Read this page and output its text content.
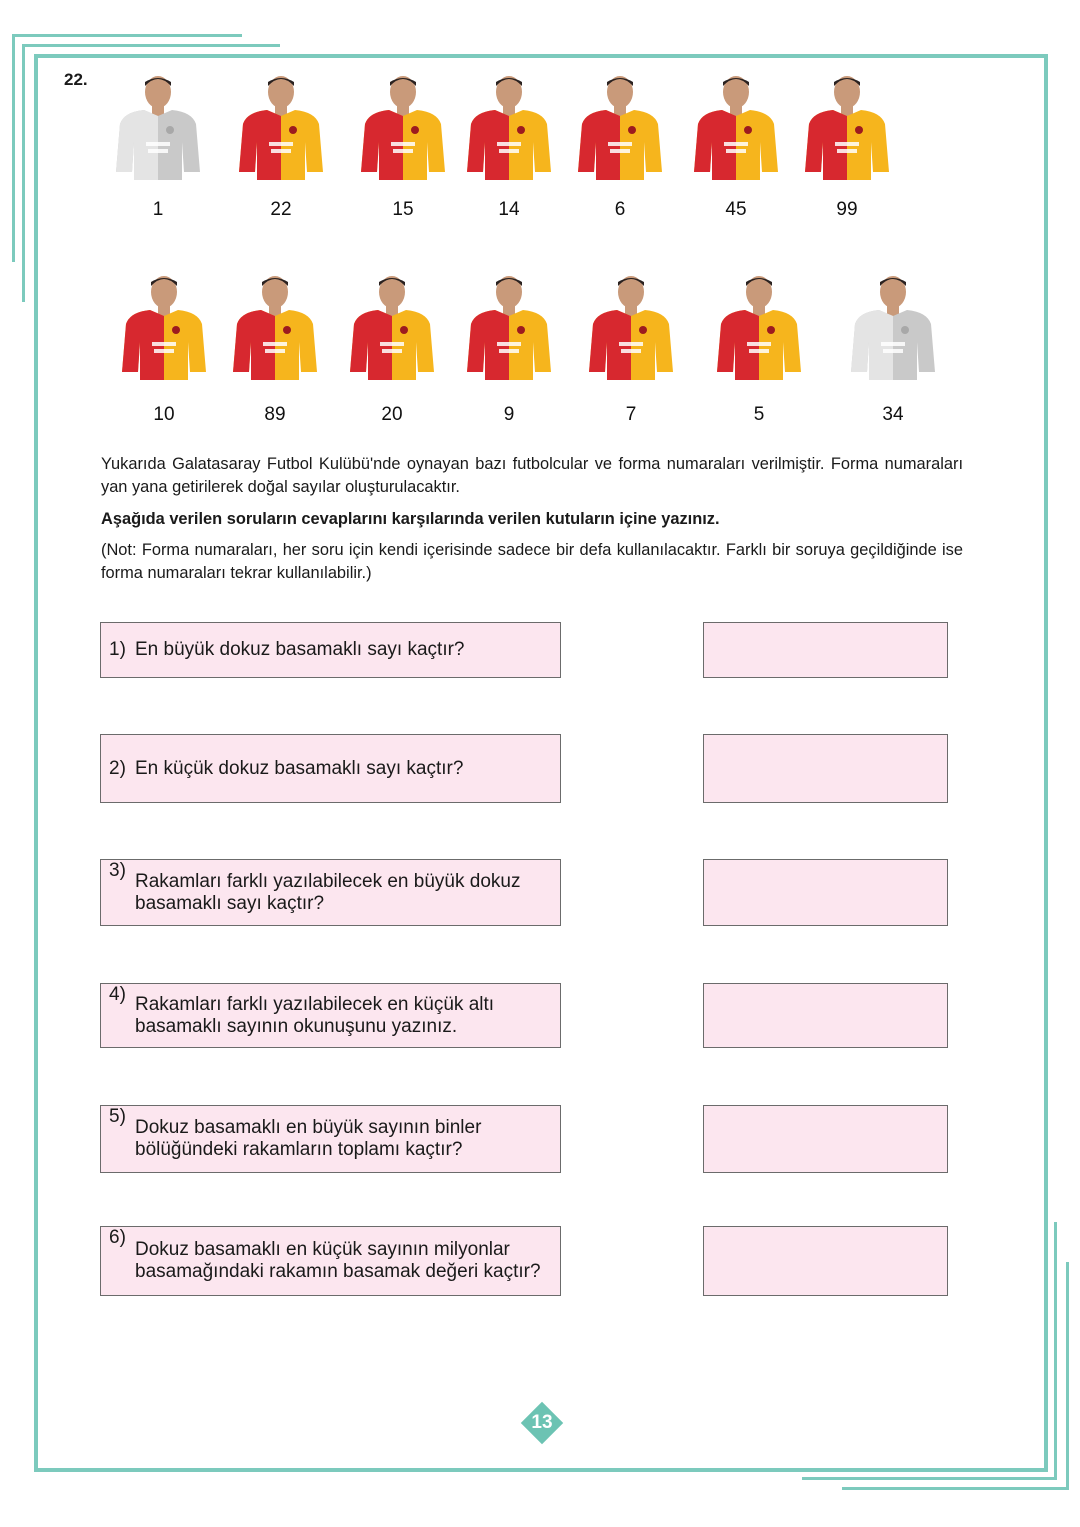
22.
1	22	15	14	6	45	99
10	89	20	9	7	5	34
Yukarıda Galatasaray Futbol Kulübü'nde oynayan bazı futbolcular ve forma numaraları verilmiştir. Forma numaraları yan yana getirilerek doğal sayılar oluşturulacaktır.
Aşağıda verilen soruların cevaplarını karşılarında verilen kutuların içine yazınız.
(Not: Forma numaraları, her soru için kendi içerisinde sadece bir defa kullanılacaktır. Farklı bir soruya geçildiğinde ise forma numaraları tekrar kullanılabilir.)
1) En büyük dokuz basamaklı sayı kaçtır?
2) En küçük dokuz basamaklı sayı kaçtır?
3) Rakamları farklı yazılabilecek en büyük dokuz basamaklı sayı kaçtır?
4) Rakamları farklı yazılabilecek en küçük altı basamaklı sayının okunuşunu yazınız.
5)
Dokuz basamaklı en büyük sayının binler bölüğündeki rakamların toplamı kaçtır?
6)
Dokuz basamaklı en küçük sayının milyonlar basamağındaki rakamın basamak değeri kaçtır?
13
